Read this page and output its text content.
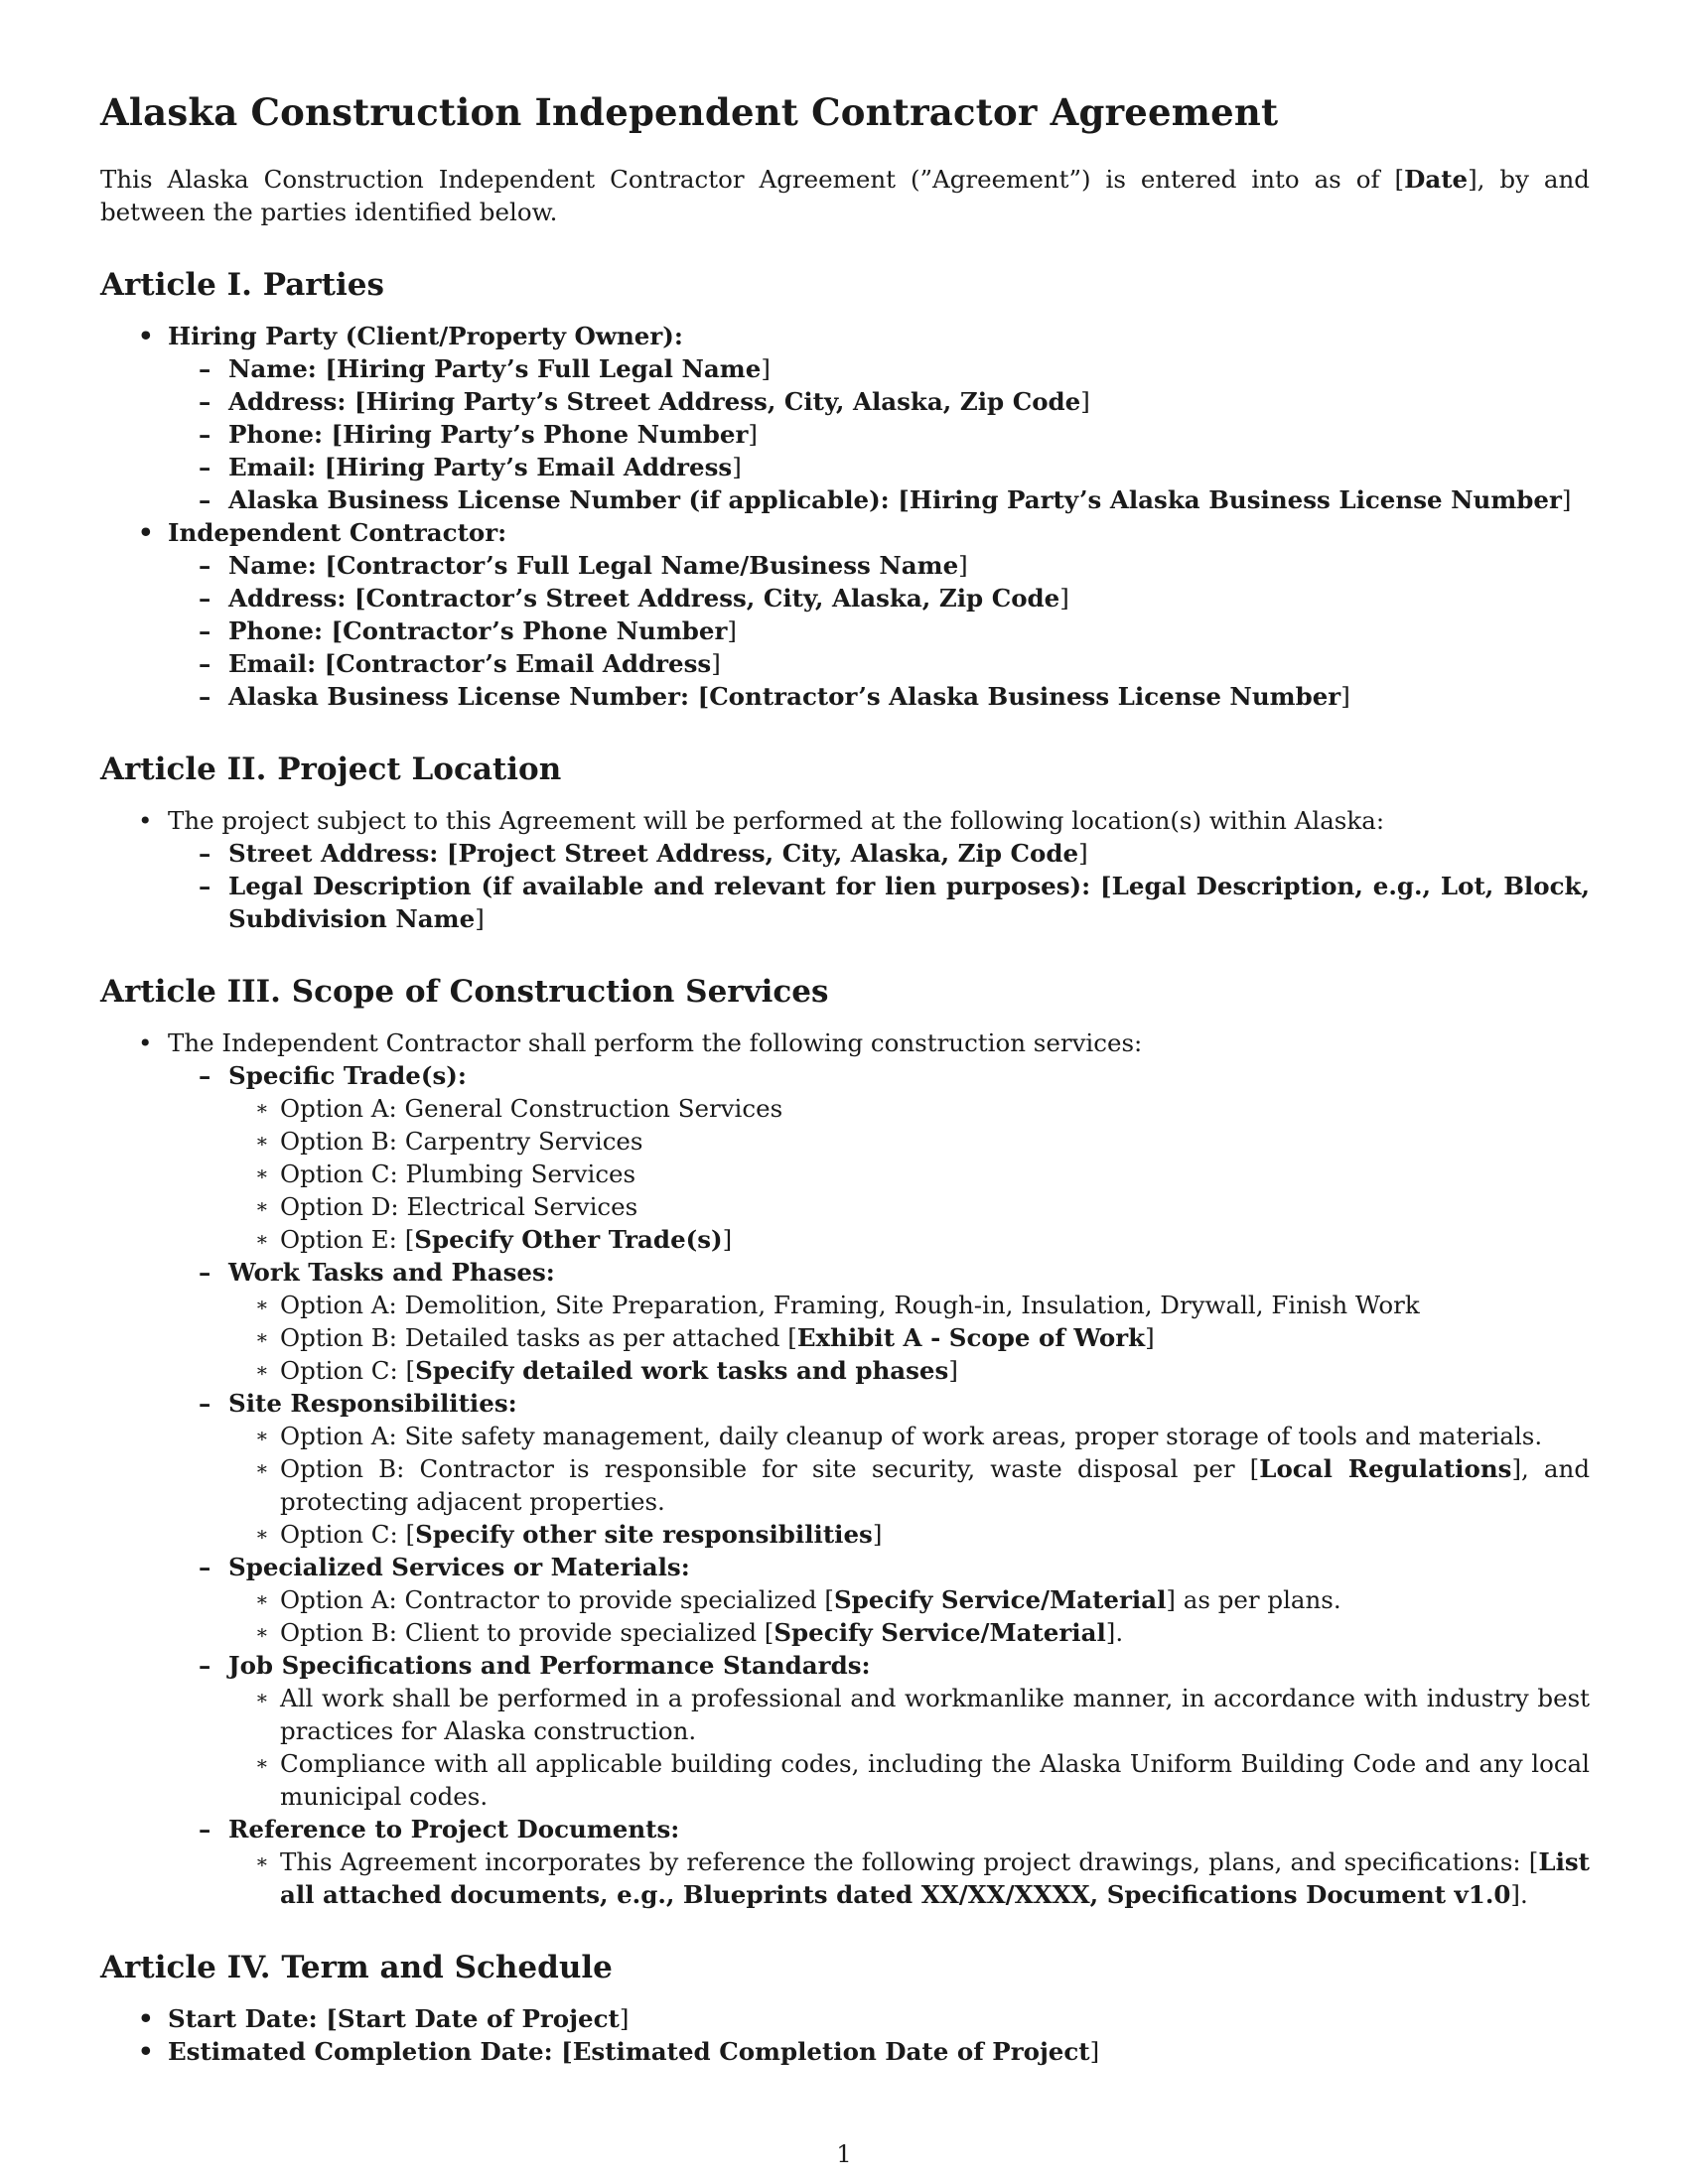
Alaska Construction Independent Contractor Agreement

This Alaska Construction Independent Contractor Agreement (”Agreement”) is entered into as of [Date], by and between the parties identified below.

Article I. Parties
• Hiring Party (Client/Property Owner):
– Name: [Hiring Party’s Full Legal Name]
– Address: [Hiring Party’s Street Address, City, Alaska, Zip Code]
– Phone: [Hiring Party’s Phone Number]
– Email: [Hiring Party’s Email Address]
– Alaska Business License Number (if applicable): [Hiring Party’s Alaska Business License Number]
• Independent Contractor:
– Name: [Contractor’s Full Legal Name/Business Name]
– Address: [Contractor’s Street Address, City, Alaska, Zip Code]
– Phone: [Contractor’s Phone Number]
– Email: [Contractor’s Email Address]
– Alaska Business License Number: [Contractor’s Alaska Business License Number]
Article II. Project Location
• The project subject to this Agreement will be performed at the following location(s) within Alaska:
– Street Address: [Project Street Address, City, Alaska, Zip Code]
– Legal Description (if available and relevant for lien purposes): [Legal Description, e.g., Lot, Block, Subdivision Name]
Article III. Scope of Construction Services
• The Independent Contractor shall perform the following construction services:
– Specific Trade(s):
∗ Option A: General Construction Services
∗ Option B: Carpentry Services
∗ Option C: Plumbing Services
∗ Option D: Electrical Services
∗ Option E: [Specify Other Trade(s)]
– Work Tasks and Phases:
∗ Option A: Demolition, Site Preparation, Framing, Rough-in, Insulation, Drywall, Finish Work
∗ Option B: Detailed tasks as per attached [Exhibit A - Scope of Work]
∗ Option C: [Specify detailed work tasks and phases]
– Site Responsibilities:
∗ Option A: Site safety management, daily cleanup of work areas, proper storage of tools and materials.
∗ Option B: Contractor is responsible for site security, waste disposal per [Local Regulations], and protecting adjacent properties.
∗ Option C: [Specify other site responsibilities]
– Specialized Services or Materials:
∗ Option A: Contractor to provide specialized [Specify Service/Material] as per plans.
∗ Option B: Client to provide specialized [Specify Service/Material].
– Job Specifications and Performance Standards:
∗ All work shall be performed in a professional and workmanlike manner, in accordance with industry best practices for Alaska construction.
∗ Compliance with all applicable building codes, including the Alaska Uniform Building Code and any local municipal codes.
– Reference to Project Documents:
∗ This Agreement incorporates by reference the following project drawings, plans, and specifications: [List all attached documents, e.g., Blueprints dated XX/XX/XXXX, Specifications Document v1.0].
Article IV. Term and Schedule
• Start Date: [Start Date of Project]
• Estimated Completion Date: [Estimated Completion Date of Project]
1
